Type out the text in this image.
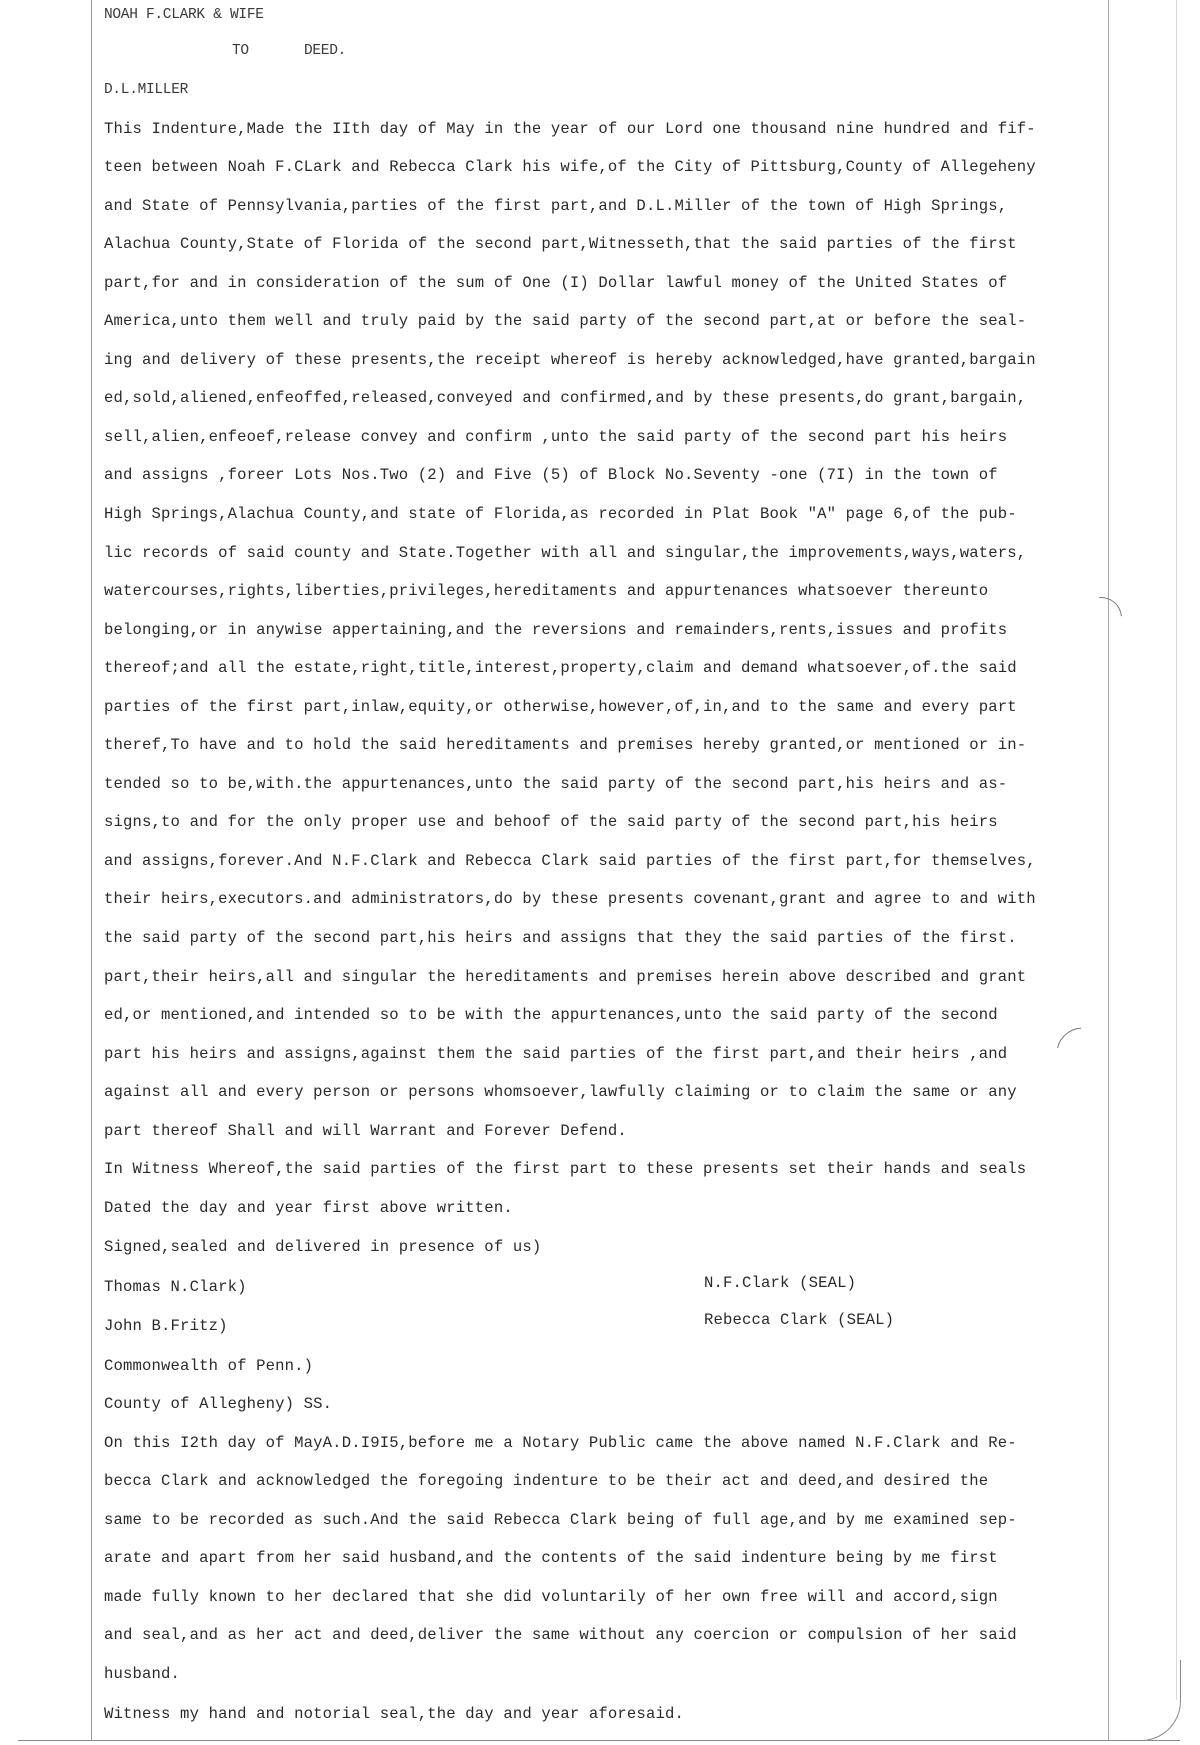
NOAH F.CLARK & WIFE
TO	DEED.
D.L.MILLER
This Indenture,Made the IIth day of May in the year of our Lord one thousand nine hundred and fif-
teen between Noah F.CLark and Rebecca Clark his wife,of the City of Pittsburg,County of Allegeheny
and State of Pennsylvania,parties of the first part,and D.L.Miller of the town of High Springs,
Alachua County,State of Florida of the second part,Witnesseth,that the said parties of the first
part,for and in consideration of the sum of One (I) Dollar lawful money of the United States of
America,unto them well and truly paid by the said party of the second part,at or before the seal-
ing and delivery of these presents,the receipt whereof is hereby acknowledged,have granted,bargain
ed,sold,aliened,enfeoffed,released,conveyed and confirmed,and by these presents,do grant,bargain,
sell,alien,enfeoef,release convey and confirm ,unto the said party of the second part his heirs
and assigns ,foreer Lots Nos.Two (2) and Five (5) of Block No.Seventy -one (7I) in the town of
High Springs,Alachua County,and state of Florida,as recorded in Plat Book "A" page 6,of the pub-
lic records of said county and State.Together with all and singular,the improvements,ways,waters,
watercourses,rights,liberties,privileges,hereditaments and appurtenances whatsoever thereunto
belonging,or in anywise appertaining,and the reversions and remainders,rents,issues and profits
thereof;and all the estate,right,title,interest,property,claim and demand whatsoever,of.the said
parties of the first part,inlaw,equity,or otherwise,however,of,in,and to the same and every part
theref,To have and to hold the said hereditaments and premises hereby granted,or mentioned or in-
tended so to be,with.the appurtenances,unto the said party of the second part,his heirs and as-
signs,to and for the only proper use and behoof of the said party of the second part,his heirs
and assigns,forever.And N.F.Clark and Rebecca Clark said parties of the first part,for themselves,
their heirs,executors.and administrators,do by these presents covenant,grant and agree to and with
the said party of the second part,his heirs and assigns that they the said parties of the first.
part,their heirs,all and singular the hereditaments and premises herein above described and grant
ed,or mentioned,and intended so to be with the appurtenances,unto the said party of the second
part his heirs and assigns,against them the said parties of the first part,and their heirs ,and
against all and every person or persons whomsoever,lawfully claiming or to claim the same or any
part thereof Shall and will Warrant and Forever Defend.
In Witness Whereof,the said parties of the first part to these presents set their hands and seals
Dated the day and year first above written.
Signed,sealed and delivered in presence of us)
Thomas N.Clark)	N.F.Clark (SEAL)
John B.Fritz)	Rebecca Clark (SEAL)
Commonwealth of Penn.)
County of Allegheny) SS.
On this I2th day of MayA.D.I9I5,before me a Notary Public came the above named N.F.Clark and Re-
becca Clark and acknowledged the foregoing indenture to be their act and deed,and desired the
same to be recorded as such.And the said Rebecca Clark being of full age,and by me examined sep-
arate and apart from her said husband,and the contents of the said indenture being by me first
made fully known to her declared that she did voluntarily of her own free will and accord,sign
and seal,and as her act and deed,deliver the same without any coercion or compulsion of her said
husband.
Witness my hand and notorial seal,the day and year aforesaid.
